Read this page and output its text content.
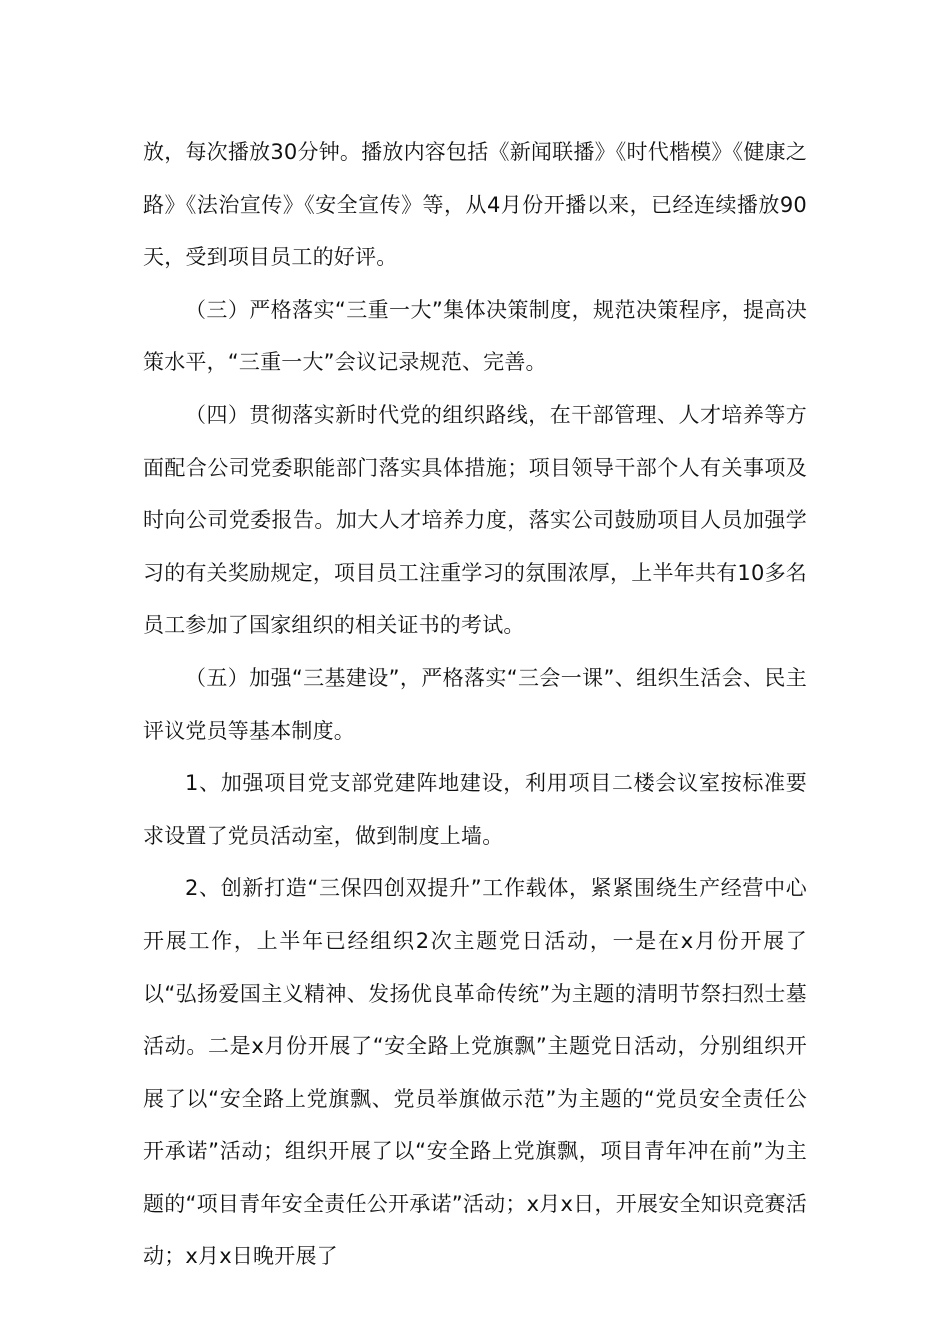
放，每次播放30分钟。播放内容包括《新闻联播》《时代楷模》《健康之路》《法治宣传》《安全宣传》等，从4月份开播以来，已经连续播放90天，受到项目员工的好评。

（三）严格落实“三重一大”集体决策制度，规范决策程序，提高决策水平，“三重一大”会议记录规范、完善。

（四）贯彻落实新时代党的组织路线，在干部管理、人才培养等方面配合公司党委职能部门落实具体措施；项目领导干部个人有关事项及时向公司党委报告。加大人才培养力度，落实公司鼓励项目人员加强学习的有关奖励规定，项目员工注重学习的氛围浓厚，上半年共有10多名员工参加了国家组织的相关证书的考试。

（五）加强“三基建设”，严格落实“三会一课”、组织生活会、民主评议党员等基本制度。

1、加强项目党支部党建阵地建设，利用项目二楼会议室按标准要求设置了党员活动室，做到制度上墙。

2、创新打造“三保四创双提升”工作载体，紧紧围绕生产经营中心开展工作，上半年已经组织2次主题党日活动，一是在x月份开展了以“弘扬爱国主义精神、发扬优良革命传统”为主题的清明节祭扫烈士墓活动。二是x月份开展了“安全路上党旗飘”主题党日活动，分别组织开展了以“安全路上党旗飘、党员举旗做示范”为主题的“党员安全责任公开承诺”活动；组织开展了以“安全路上党旗飘，项目青年冲在前”为主题的“项目青年安全责任公开承诺”活动；x月x日，开展安全知识竞赛活动；x月x日晚开展了
